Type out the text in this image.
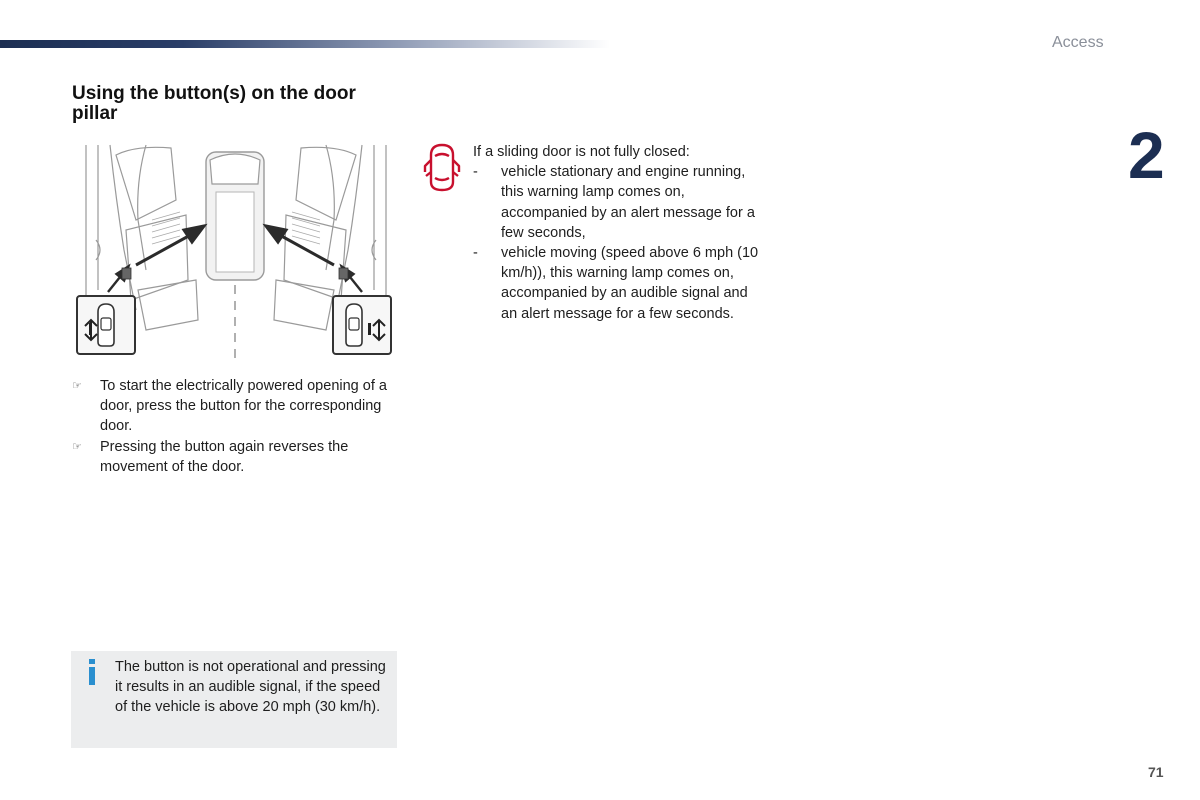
Access
2
Using the button(s) on the door pillar
☞ To start the electrically powered opening of a door, press the button for the corresponding door.
☞ Pressing the button again reverses the movement of the door.

If a sliding door is not fully closed:

- vehicle stationary and engine running, this warning lamp comes on, accompanied by an alert message for a few seconds,
- vehicle moving (speed above 6 mph (10 km/h)), this warning lamp comes on, accompanied by an audible signal and an alert message for a few seconds.
The button is not operational and pressing it results in an audible signal, if the speed of the vehicle is above 20 mph (30 km/h).
71
